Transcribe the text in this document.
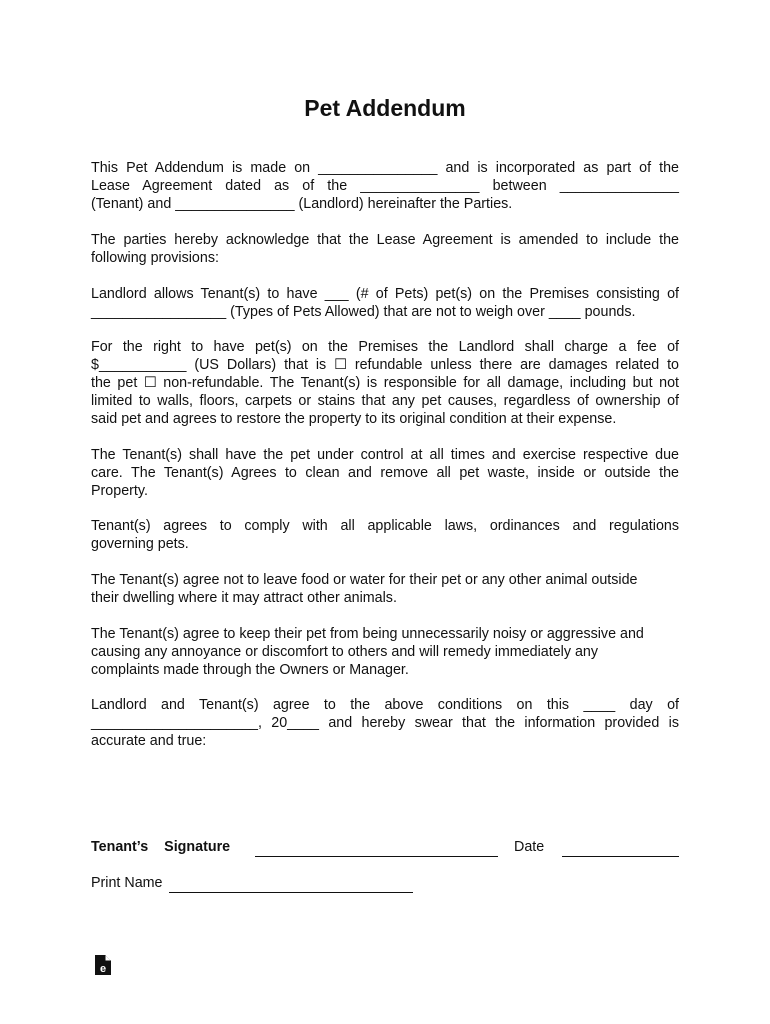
Pet Addendum

This Pet Addendum is made on _______________ and is incorporated as part of the
Lease Agreement dated as of the _______________ between _______________
(Tenant) and _______________ (Landlord) hereinafter the Parties.

The parties hereby acknowledge that the Lease Agreement is amended to include the
following provisions:

Landlord allows Tenant(s) to have ___ (# of Pets) pet(s) on the Premises consisting of
_________________ (Types of Pets Allowed) that are not to weigh over ____ pounds.

For the right to have pet(s) on the Premises the Landlord shall charge a fee of
$___________ (US Dollars) that is ☐ refundable unless there are damages related to
the pet ☐ non-refundable. The Tenant(s) is responsible for all damage, including but not
limited to walls, floors, carpets or stains that any pet causes, regardless of ownership of
said pet and agrees to restore the property to its original condition at their expense.

The Tenant(s) shall have the pet under control at all times and exercise respective due
care. The Tenant(s) Agrees to clean and remove all pet waste, inside or outside the
Property.

Tenant(s) agrees to comply with all applicable laws, ordinances and regulations
governing pets.

The Tenant(s) agree not to leave food or water for their pet or any other animal outside
their dwelling where it may attract other animals.

The Tenant(s) agree to keep their pet from being unnecessarily noisy or aggressive and
causing any annoyance or discomfort to others and will remedy immediately any
complaints made through the Owners or Manager.

Landlord and Tenant(s) agree to the above conditions on this ____ day of
_____________________, 20____ and hereby swear that the information provided is
accurate and true:

Tenant’s Signature	Date
Print Name
e
